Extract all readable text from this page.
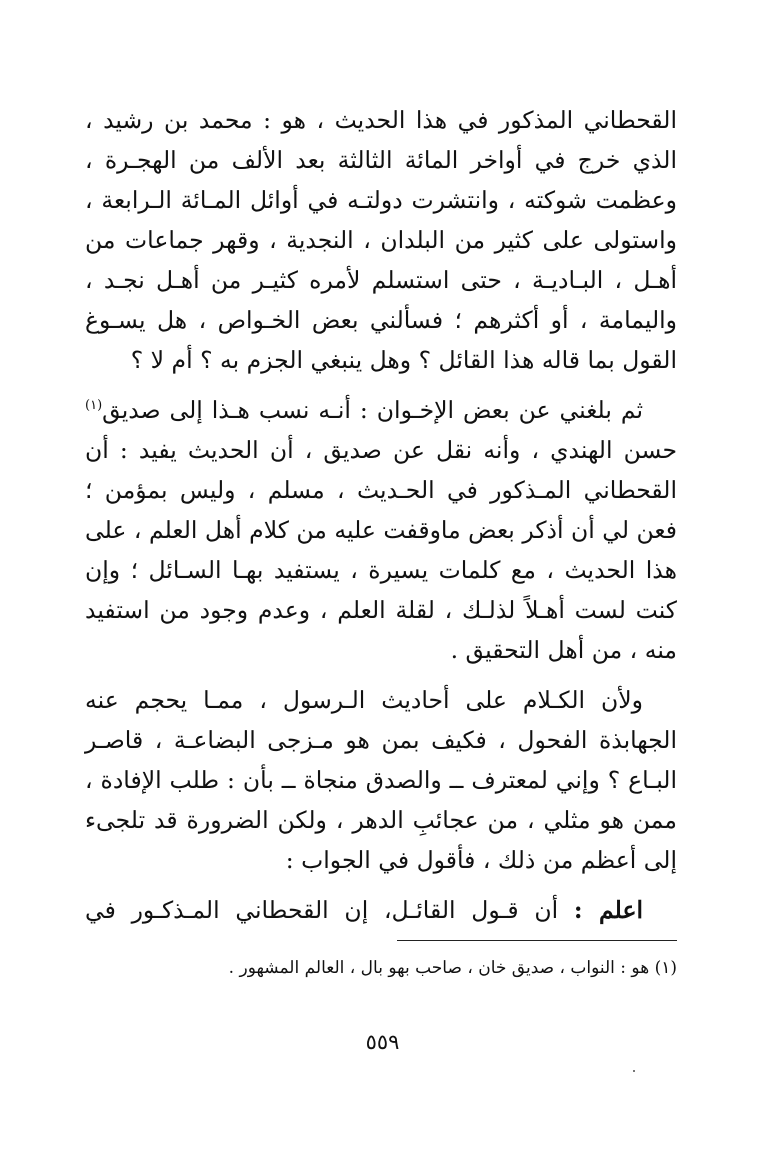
القحطاني المذكور في هذا الحديث ، هو : محمد بن رشيد ، الذي خرج في أواخر المائة الثالثة بعد الألف من الهجـرة ، وعظمت شوكته ، وانتشرت دولتـه في أوائل المـائة الـرابعة ، واستولى على كثير من البلدان ، النجدية ، وقهر جماعات من أهـل ، البـاديـة ، حتى استسلم لأمره كثيـر من أهـل نجـد ، واليمامة ، أو أكثرهم ؛ فسألني بعض الخـواص ، هل يسـوغ القول بما قاله هذا القائل ؟ وهل ينبغي الجزم به ؟ أم لا ؟

ثم بلغني عن بعض الإخـوان : أنـه نسب هـذا إلى صديق$^{(١)}$ حسن الهندي ، وأنه نقل عن صديق ، أن الحديث يفيد : أن القحطاني المـذكور في الحـديث ، مسلم ، وليس بمؤمن ؛ فعن لي أن أذكر بعض ماوقفت عليه من كلام أهل العلم ، على هذا الحديث ، مع كلمات يسيرة ، يستفيد بهـا السـائل ؛ وإن كنت لست أهـلاً لذلـك ، لقلة العلم ، وعدم وجود من استفيد منه ، من أهل التحقيق .

ولأن الكـلام على أحاديث الـرسول ، ممـا يحجم عنه الجهابذة الفحول ، فكيف بمن هو مـزجى البضاعـة ، قاصـر البـاع ؟ وإني لمعترف ــ والصدق منجاة ــ بأن : طلب الإفادة ، ممن هو مثلي ، من عجائبِ الدهر ، ولكن الضرورة قد تلجىء إلى أعظم من ذلك ، فأقول في الجواب :

اعلم : أن قـول القائـل، إن القحطاني المـذكـور في

(١) هو : النواب ، صديق خان ، صاحب بهو بال ، العالم المشهور .

٥٥٩
